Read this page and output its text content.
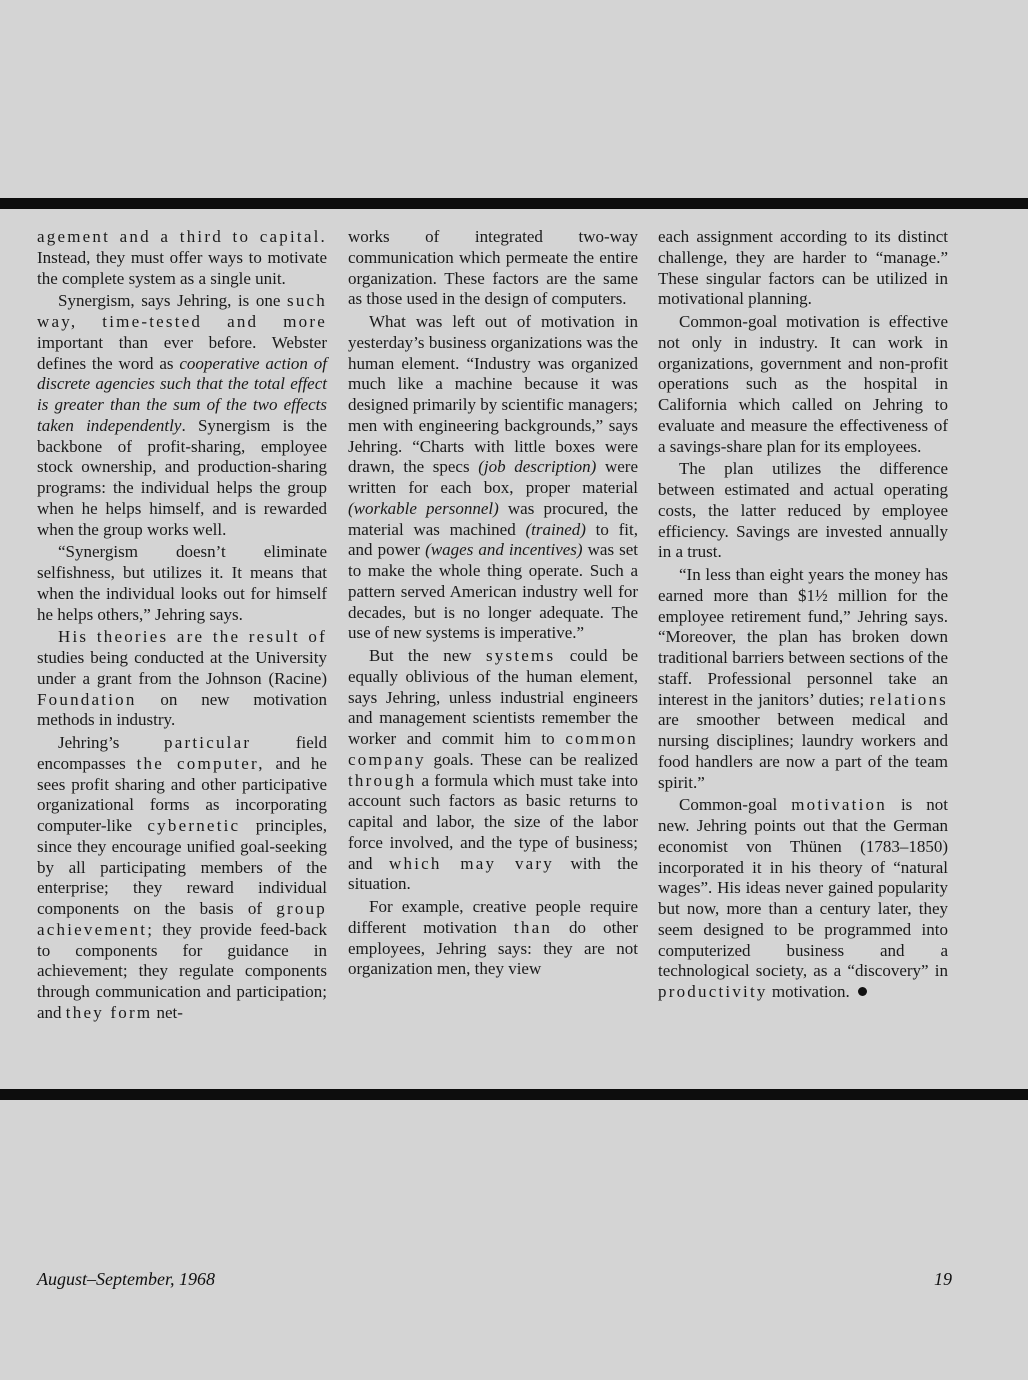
agement and a third to capital. Instead, they must offer ways to motivate the complete system as a single unit.

Synergism, says Jehring, is one such way, time-tested and more important than ever before. Webster defines the word as cooperative action of discrete agencies such that the total effect is greater than the sum of the two effects taken independently. Synergism is the backbone of profit-sharing, employee stock ownership, and production-sharing programs: the individual helps the group when he helps himself, and is rewarded when the group works well.

“Synergism doesn’t eliminate selfishness, but utilizes it. It means that when the individual looks out for himself he helps others,” Jehring says.

His theories are the result of studies being conducted at the University under a grant from the Johnson (Racine) Foundation on new motivation methods in industry.

Jehring’s particular field encompasses the computer, and he sees profit sharing and other participative organizational forms as incorporating computer-like cybernetic principles, since they encourage unified goal-seeking by all participating members of the enterprise; they reward individual components on the basis of group achievement; they provide feed-back to components for guidance in achievement; they regulate components through communication and participation; and they form net-

works of integrated two-way communication which permeate the entire organization. These factors are the same as those used in the design of computers.

What was left out of motivation in yesterday’s business organizations was the human element. “Industry was organized much like a machine because it was designed primarily by scientific managers; men with engineering backgrounds,” says Jehring. “Charts with little boxes were drawn, the specs (job description) were written for each box, proper material (workable personnel) was procured, the material was machined (trained) to fit, and power (wages and incentives) was set to make the whole thing operate. Such a pattern served American industry well for decades, but is no longer adequate. The use of new systems is imperative.”

But the new systems could be equally oblivious of the human element, says Jehring, unless industrial engineers and management scientists remember the worker and commit him to common company goals. These can be realized through a formula which must take into account such factors as basic returns to capital and labor, the size of the labor force involved, and the type of business; and which may vary with the situation.

For example, creative people require different motivation than do other employees, Jehring says: they are not organization men, they view

each assignment according to its distinct challenge, they are harder to “manage.” These singular factors can be utilized in motivational planning.

Common-goal motivation is effective not only in industry. It can work in organizations, government and non-profit operations such as the hospital in California which called on Jehring to evaluate and measure the effectiveness of a savings-share plan for its employees.

The plan utilizes the difference between estimated and actual operating costs, the latter reduced by employee efficiency. Savings are invested annually in a trust.

“In less than eight years the money has earned more than $1½ million for the employee retirement fund,” Jehring says. “Moreover, the plan has broken down traditional barriers between sections of the staff. Professional personnel take an interest in the janitors’ duties; relations are smoother between medical and nursing disciplines; laundry workers and food handlers are now a part of the team spirit.”

Common-goal motivation is not new. Jehring points out that the German economist von Thünen (1783–1850) incorporated it in his theory of “natural wages”. His ideas never gained popularity but now, more than a century later, they seem designed to be programmed into computerized business and a technological society, as a “discovery” in productivity motivation.

August–September, 1968	19
